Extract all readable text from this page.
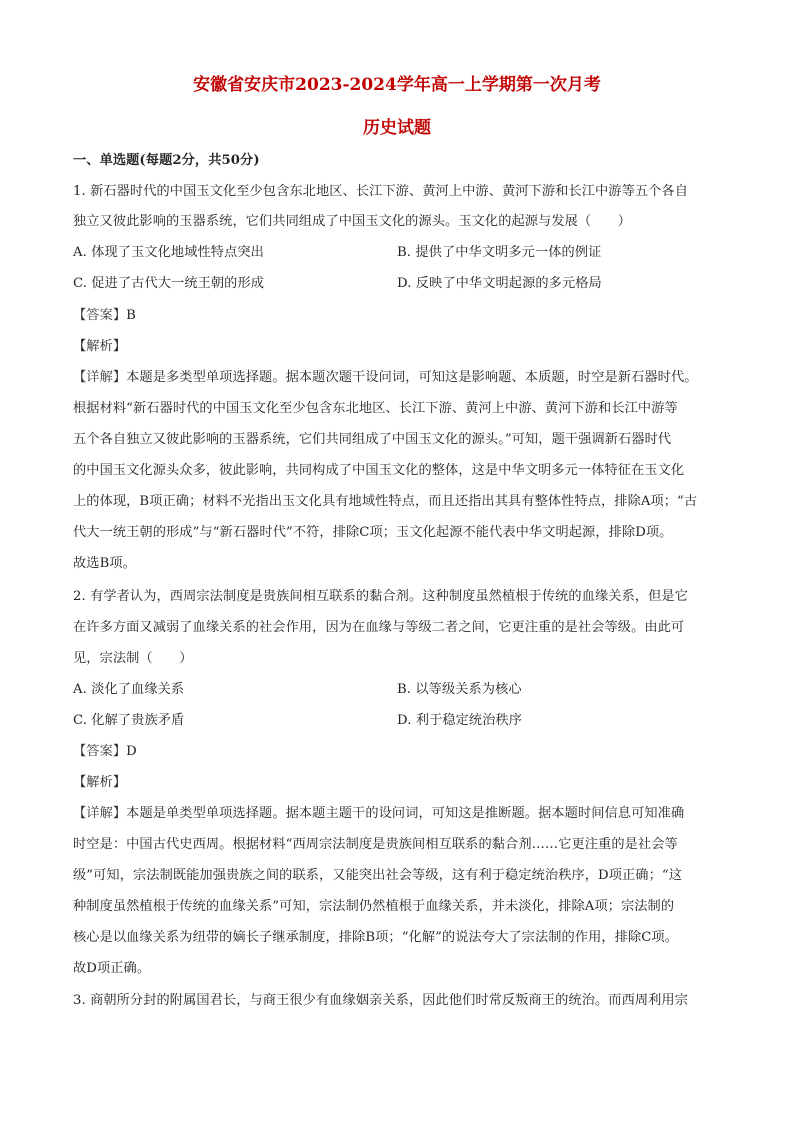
安徽省安庆市2023-2024学年高一上学期第一次月考
历史试题
一、单选题(每题2分，共50分)
1. 新石器时代的中国玉文化至少包含东北地区、长江下游、黄河上中游、黄河下游和长江中游等五个各自
独立又彼此影响的玉器系统，它们共同组成了中国玉文化的源头。玉文化的起源与发展（　　）
A. 体现了玉文化地域性特点突出	B. 提供了中华文明多元一体的例证
C. 促进了古代大一统王朝的形成	D. 反映了中华文明起源的多元格局
【答案】B
【解析】
【详解】本题是多类型单项选择题。据本题次题干设问词，可知这是影响题、本质题，时空是新石器时代。
根据材料“新石器时代的中国玉文化至少包含东北地区、长江下游、黄河上中游、黄河下游和长江中游等
五个各自独立又彼此影响的玉器系统，它们共同组成了中国玉文化的源头。”可知，题干强调新石器时代
的中国玉文化源头众多，彼此影响，共同构成了中国玉文化的整体，这是中华文明多元一体特征在玉文化
上的体现，B项正确；材料不光指出玉文化具有地域性特点，而且还指出其具有整体性特点，排除A项；“古
代大一统王朝的形成”与“新石器时代”不符，排除C项；玉文化起源不能代表中华文明起源，排除D项。
故选B项。
2. 有学者认为，西周宗法制度是贵族间相互联系的黏合剂。这种制度虽然植根于传统的血缘关系，但是它
在许多方面又减弱了血缘关系的社会作用，因为在血缘与等级二者之间，它更注重的是社会等级。由此可
见，宗法制（　　）
A. 淡化了血缘关系	B. 以等级关系为核心
C. 化解了贵族矛盾	D. 利于稳定统治秩序
【答案】D
【解析】
【详解】本题是单类型单项选择题。据本题主题干的设问词，可知这是推断题。据本题时间信息可知准确
时空是：中国古代史西周。根据材料“西周宗法制度是贵族间相互联系的黏合剂……它更注重的是社会等
级”可知，宗法制既能加强贵族之间的联系，又能突出社会等级，这有利于稳定统治秩序，D项正确；“这
种制度虽然植根于传统的血缘关系”可知，宗法制仍然植根于血缘关系，并未淡化，排除A项；宗法制的
核心是以血缘关系为纽带的嫡长子继承制度，排除B项；“化解”的说法夸大了宗法制的作用，排除C项。
故D项正确。
3. 商朝所分封的附属国君长，与商王很少有血缘姻亲关系，因此他们时常反叛商王的统治。而西周利用宗
